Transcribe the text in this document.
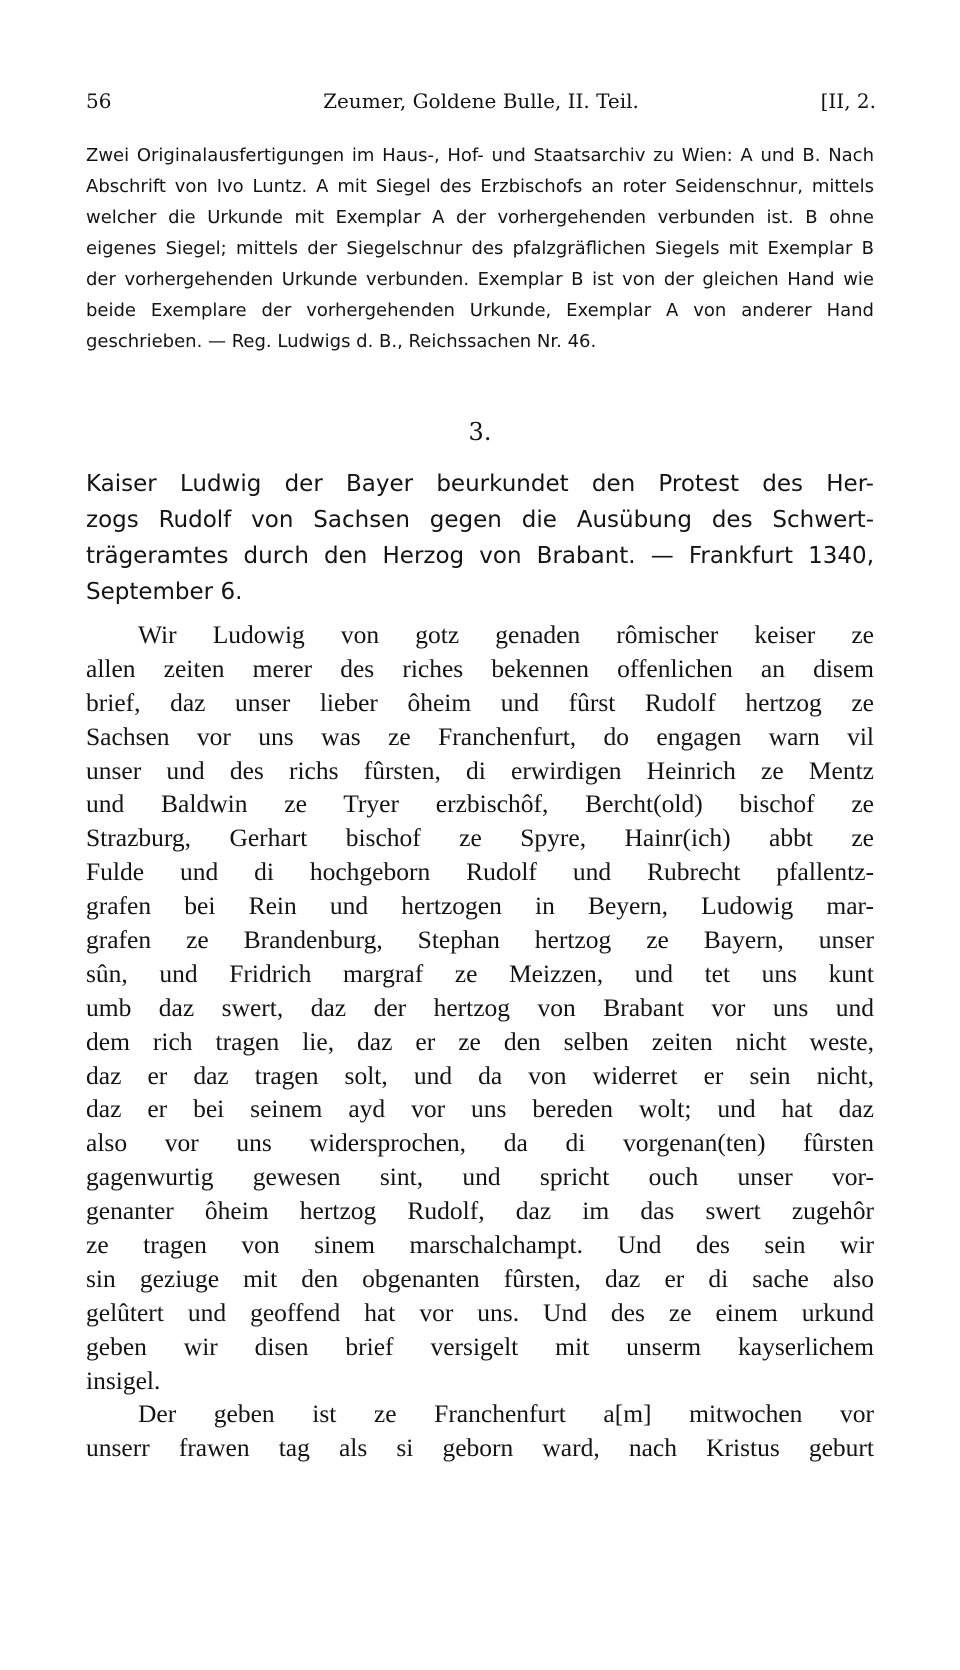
56	Zeumer, Goldene Bulle, II. Teil.	[II, 2.

Zwei Originalausfertigungen im Haus-, Hof- und Staatsarchiv zu Wien: A und B. Nach Abschrift von Ivo Luntz. A mit Siegel des Erzbischofs an roter Seidenschnur, mittels welcher die Urkunde mit Exemplar A der vorhergehenden verbunden ist. B ohne eigenes Siegel; mittels der Siegelschnur des pfalzgräflichen Siegels mit Exemplar B der vorhergehenden Urkunde verbunden. Exemplar B ist von der gleichen Hand wie beide Exemplare der vorhergehenden Urkunde, Exemplar A von anderer Hand geschrieben. — Reg. Ludwigs d. B., Reichssachen Nr. 46.

3.
Kaiser Ludwig der Bayer beurkundet den Protest des Her-
zogs Rudolf von Sachsen gegen die Ausübung des Schwert-
trägeramtes durch den Herzog von Brabant. — Frankfurt 1340,
September 6.
Wir Ludowig von gotz genaden rômischer keiser ze
allen zeiten merer des riches bekennen offenlichen an disem
brief, daz unser lieber ôheim und fûrst Rudolf hertzog ze
Sachsen vor uns was ze Franchenfurt, do engagen warn vil
unser und des richs fûrsten, di erwirdigen Heinrich ze Mentz
und Baldwin ze Tryer erzbischôf, Bercht(old) bischof ze
Strazburg, Gerhart bischof ze Spyre, Hainr(ich) abbt ze
Fulde und di hochgeborn Rudolf und Rubrecht pfallentz-
grafen bei Rein und hertzogen in Beyern, Ludowig mar-
grafen ze Brandenburg, Stephan hertzog ze Bayern, unser
sûn, und Fridrich margraf ze Meizzen, und tet uns kunt
umb daz swert, daz der hertzog von Brabant vor uns und
dem rich tragen lie, daz er ze den selben zeiten nicht weste,
daz er daz tragen solt, und da von widerret er sein nicht,
daz er bei seinem ayd vor uns bereden wolt; und hat daz
also vor uns widersprochen, da di vorgenan(ten) fûrsten
gagenwurtig gewesen sint, und spricht ouch unser vor-
genanter ôheim hertzog Rudolf, daz im das swert zugehôr
ze tragen von sinem marschalchampt. Und des sein wir
sin geziuge mit den obgenanten fûrsten, daz er di sache also
gelûtert und geoffend hat vor uns. Und des ze einem urkund
geben wir disen brief versigelt mit unserm kayserlichem
insigel.
Der geben ist ze Franchenfurt a[m] mitwochen vor
unserr frawen tag als si geborn ward, nach Kristus geburt
